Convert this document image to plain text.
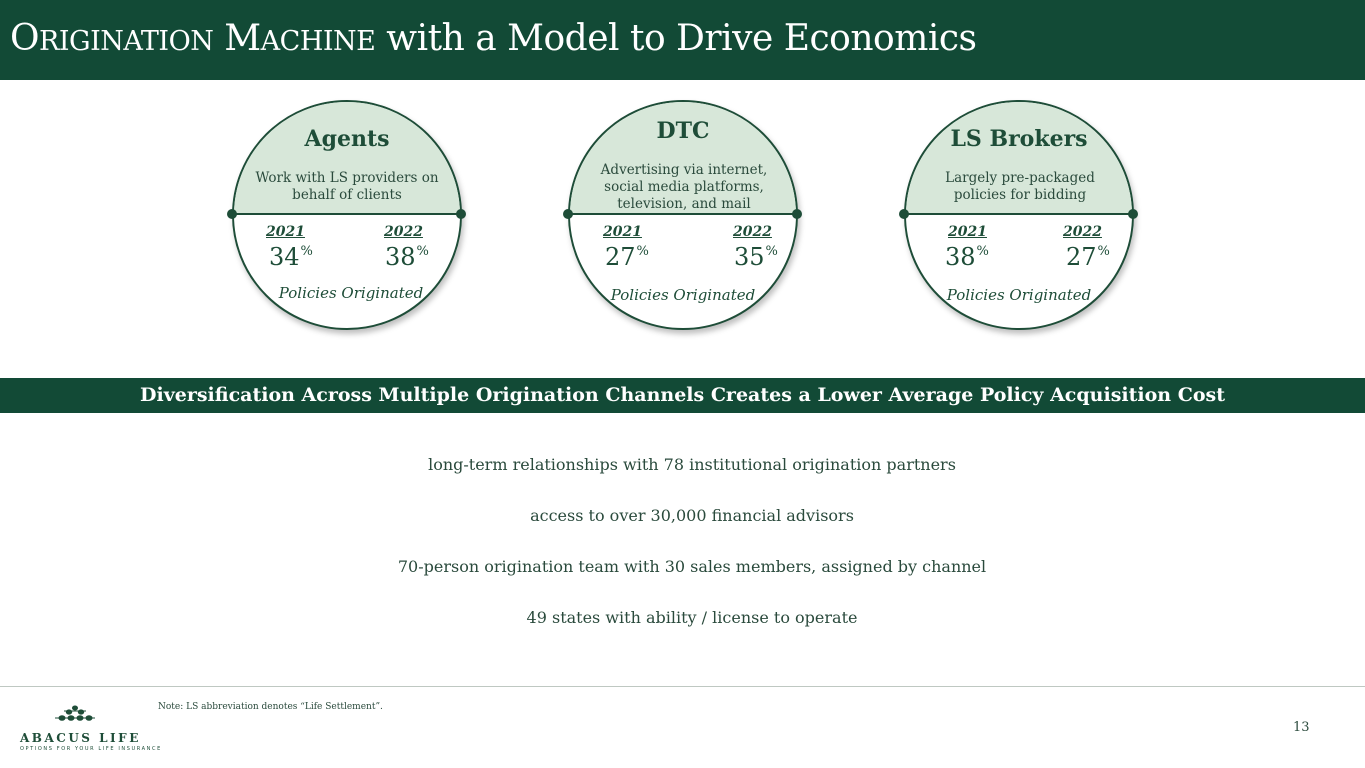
ORIGINATION MACHINE with a Model to Drive Economics
Agents
Work with LS providers on behalf of clients
2021	2022
34%	38%
Policies Originated
DTC
Advertising via internet, social media platforms, television, and mail
2021	2022
27%	35%
Policies Originated
LS Brokers
Largely pre-packaged policies for bidding
2021	2022
38%	27%
Policies Originated
Diversification Across Multiple Origination Channels Creates a Lower Average Policy Acquisition Cost
long-term relationships with 78 institutional origination partners
access to over 30,000 financial advisors
70-person origination team with 30 sales members, assigned by channel
49 states with ability / license to operate
ABACUS LIFE
OPTIONS FOR YOUR LIFE INSURANCE
Note: LS abbreviation denotes “Life Settlement”.
13
